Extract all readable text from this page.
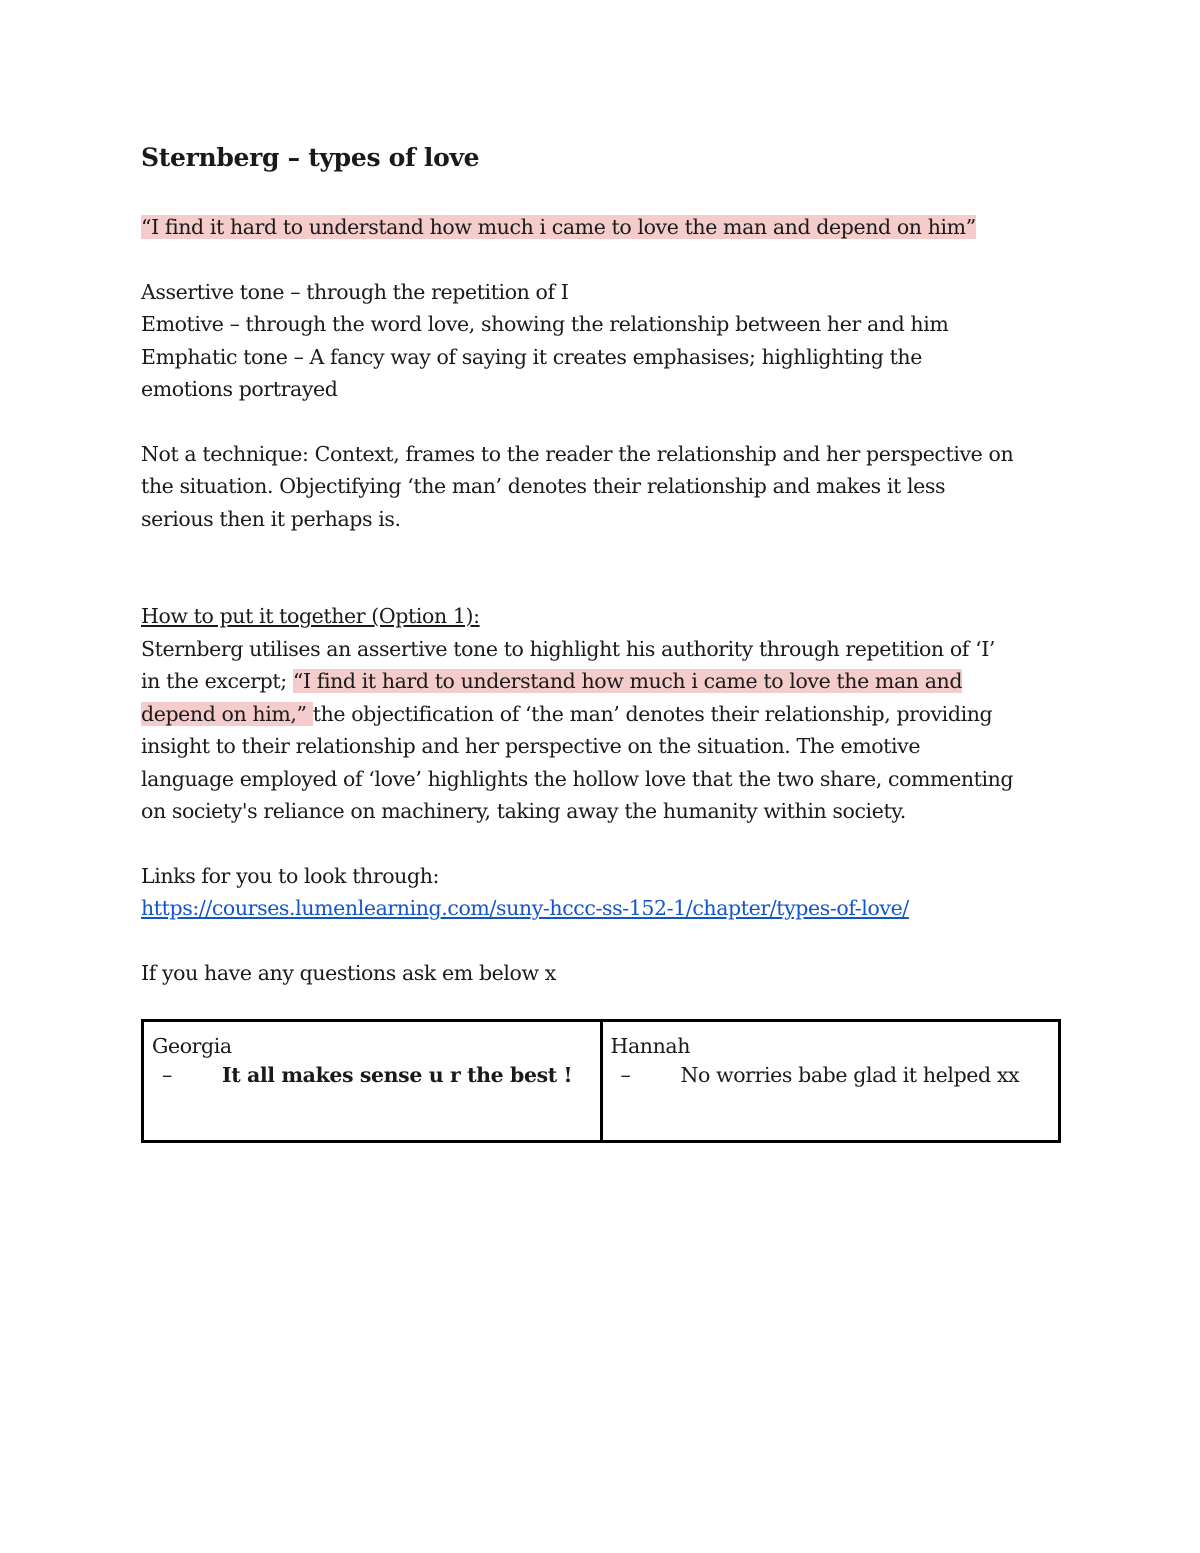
Sternberg – types of love

“I find it hard to understand how much i came to love the man and depend on him”

Assertive tone – through the repetition of I
Emotive – through the word love, showing the relationship between her and him
Emphatic tone – A fancy way of saying it creates emphasises; highlighting the
emotions portrayed

Not a technique: Context, frames to the reader the relationship and her perspective on
the situation. Objectifying ‘the man’ denotes their relationship and makes it less
serious then it perhaps is.

How to put it together (Option 1):
Sternberg utilises an assertive tone to highlight his authority through repetition of ‘I’
in the excerpt; “I find it hard to understand how much i came to love the man and
depend on him,” the objectification of ‘the man’ denotes their relationship, providing
insight to their relationship and her perspective on the situation. The emotive
language employed of ‘love’ highlights the hollow love that the two share, commenting
on society's reliance on machinery, taking away the humanity within society.

Links for you to look through:
https://courses.lumenlearning.com/suny-hccc-ss-152-1/chapter/types-of-love/

If you have any questions ask em below x

Georgia
– It all makes sense u r the best !

Hannah
– No worries babe glad it helped xx
